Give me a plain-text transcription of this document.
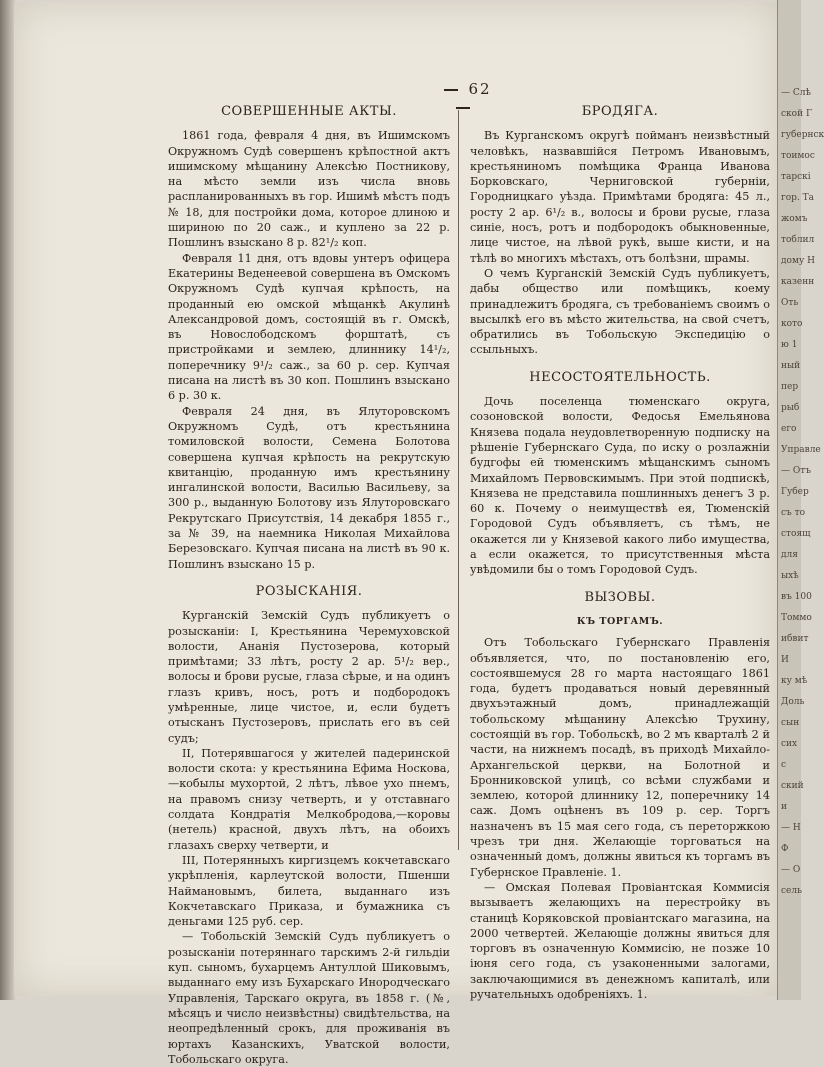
— Слѣ
ской Г
губернск
тоимос
тарскі
гор. Та
жомъ
тоблил
дому Н
казенн
Оть
кото
ю 1
ный
пер
рыб
его
Управле
— Отъ
Губер
съ то
стоящ
для
ыхѣ
въ 100
Томмо
ибвит
И
ку мѣ
Доль
сын
сих
с
ский
и
— Н
Ф
— О
сель
62
СОВЕРШЕННЫЕ АКТЫ.

1861 года, февраля 4 дня, въ Ишимскомъ Окружномъ Судѣ совершенъ крѣпостной актъ ишимскому мѣщанину Алексѣю Постникову, на мѣсто земли изъ числа вновь распланированныхъ въ гор. Ишимѣ мѣстъ подъ № 18, для постройки дома, которое длиною и шириною по 20 саж., и куплено за 22 р. Пошлинъ взыскано 8 р. 82¹/₂ коп.

Февраля 11 дня, отъ вдовы унтеръ офицера Екатерины Веденеевой совершена въ Омскомъ Окружномъ Судѣ купчая крѣпость, на проданный ею омской мѣщанкѣ Акулинѣ Александровой домъ, состоящій въ г. Омскѣ, въ Новослободскомъ форштатѣ, съ пристройками и землею, длиннику 14¹/₂, поперечнику 9¹/₂ саж., за 60 р. сер. Купчая писана на листѣ въ 30 коп. Пошлинъ взыскано 6 р. 30 к.

Февраля 24 дня, въ Ялуторовскомъ Окружномъ Судѣ, отъ крестьянина томиловской волости, Семена Болотова совершена купчая крѣпость на рекрутскую квитанцію, проданную имъ крестьянину ингалинской волости, Василью Васильеву, за 300 р., выданную Болотову изъ Ялуторовскаго Рекрутскаго Присутствія, 14 декабря 1855 г., за № 39, на наемника Николая Михайлова Березовскаго. Купчая писана на листѣ въ 90 к. Пошлинъ взыскано 15 р.

РОЗЫСКАНІЯ.

Курганскій Земскій Судъ публикуетъ о розысканіи: I, Крестьянина Черемуховской волости, Ананія Пустозерова, который примѣтами; 33 лѣтъ, росту 2 ар. 5¹/₂ вер., волосы и брови русые, глаза сѣрые, и на одинъ глазъ кривъ, носъ, ротъ и подбородокъ умѣренные, лице чистое, и, если будетъ отысканъ Пустозеровъ, прислать его въ сей судъ;

II, Потерявшагося у жителей падеринской волости скота: у крестьянина Ефима Носкова,—кобылы мухортой, 2 лѣтъ, лѣвое ухо пнемъ, на правомъ снизу четверть, и у отставнаго солдата Кондратія Мелкобродова,—коровы (нетель) красной, двухъ лѣтъ, на обоихъ глазахъ сверху четверти, и

III, Потерянныхъ киргизцемъ кокчетавскаго укрѣпленія, карлеутской волости, Пшенши Наймановымъ, билета, выданнаго изъ Кокчетавскаго Приказа, и бумажника съ деньгами 125 руб. сер.

— Тобольскій Земскій Судъ публикуетъ о розысканіи потеряннаго тарскимъ 2-й гильдіи куп. сыномъ, бухарцемъ Антуллой Шиковымъ, выданнаго ему изъ Бухарскаго Инородческаго Управленія, Тарскаго округа, въ 1858 г. (№, мѣсяцъ и число неизвѣстны) свидѣтельства, на неопредѣленный срокъ, для проживанія въ юртахъ Казанскихъ, Уватской волости, Тобольскаго округа.

БРОДЯГА.

Въ Курганскомъ округѣ пойманъ неизвѣстный человѣкъ, назвавшійся Петромъ Ивановымъ, крестьяниномъ помѣщика Франца Иванова Борковскаго, Черниговской губерніи, Городницкаго уѣзда. Примѣтами бродяга: 45 л., росту 2 ар. 6¹/₂ в., волосы и брови русые, глаза синіе, носъ, ротъ и подбородокъ обыкновенные, лице чистое, на лѣвой рукѣ, выше кисти, и на тѣлѣ во многихъ мѣстахъ, отъ болѣзни, шрамы.

О чемъ Курганскій Земскій Судъ публикуетъ, дабы общество или помѣщикъ, коему принадлежитъ бродяга, съ требованіемъ своимъ о высылкѣ его въ мѣсто жительства, на свой счетъ, обратились въ Тобольскую Экспедицію о ссыльныхъ.

НЕСОСТОЯТЕЛЬНОСТЬ.

Дочь поселенца тюменскаго округа, созоновской волости, Федосья Емельянова Князева подала неудовлетворенную подписку на рѣшеніе Губернскаго Суда, по иску о розлажніи будгофы ей тюменскимъ мѣщанскимъ сыномъ Михайломъ Первовскимымъ. При этой подпискѣ, Князева не представила пошлинныхъ денегъ 3 р. 60 к. Почему о неимуществѣ ея, Тюменскій Городовой Судъ объявляетъ, съ тѣмъ, не окажется ли у Князевой какого либо имущества, а если окажется, то присутственныя мѣста увѣдомили бы о томъ Городовой Судъ.

ВЫЗОВЫ.
КЪ ТОРГАМЪ.

Отъ Тобольскаго Губернскаго Правленія объявляется, что, по постановленію его, состоявшемуся 28 го марта настоящаго 1861 года, будетъ продаваться новый деревянный двухъэтажный домъ, принадлежащій тобольскому мѣщанину Алексѣю Трухину, состоящій въ гор. Тобольскѣ, во 2 мъ кварталѣ 2 й части, на нижнемъ посадѣ, въ приходѣ Михайло-Архангельской церкви, на Болотной и Бронниковской улицѣ, со всѣми службами и землею, которой длиннику 12, поперечнику 14 саж. Домъ оцѣненъ въ 109 р. сер. Торгъ назначенъ въ 15 мая сего года, съ переторжкою чрезъ три дня. Желающіе торговаться на означенный домъ, должны явиться къ торгамъ въ Губернское Правленіе. 1.

— Омская Полевая Провіантская Коммисія вызываетъ желающихъ на перестройку въ станицѣ Коряковской провіантскаго магазина, на 2000 четвертей. Желающіе должны явиться для торговъ въ означенную Коммисію, не позже 10 іюня сего года, съ узаконенными залогами, заключающимися въ денежномъ капиталѣ, или ручательныхъ одобреніяхъ. 1.
